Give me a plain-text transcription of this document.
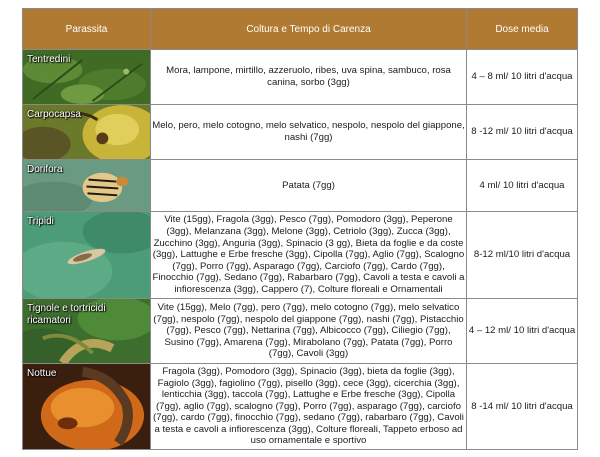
Parassita	Coltura e Tempo di Carenza	Dose media

Tentredini	Mora, lampone, mirtillo, azzeruolo, ribes, uva spina, sambuco, rosa canina, sorbo (3gg)	4 – 8 ml/ 10 litri d'acqua

Carpocapsa	Melo, pero, melo cotogno, melo selvatico, nespolo, nespolo del giappone, nashi (7gg)	8 -12 ml/ 10 litri d'acqua

Dorifora	Patata (7gg)	4 ml/ 10 litri d'acqua

Tripidi	Vite (15gg), Fragola (3gg), Pesco (7gg), Pomodoro (3gg), Peperone (3gg), Melanzana (3gg), Melone (3gg), Cetriolo (3gg), Zucca (3gg), Zucchino (3gg), Anguria (3gg), Spinacio (3 gg), Bieta da foglie e da coste (3gg), Lattughe e Erbe fresche (3gg), Cipolla (7gg), Aglio (7gg), Scalogno (7gg), Porro (7gg), Asparago (7gg), Carciofo (7gg), Cardo (7gg), Finocchio (7gg), Sedano (7gg), Rabarbaro (7gg), Cavoli a testa e cavoli a infiorescenza (3gg), Cappero (7), Colture floreali e Ornamentali	8-12 ml/10 litri d'acqua

Tignole e tortricidi ricamatori	Vite (15gg), Melo (7gg), pero (7gg), melo cotogno (7gg), melo selvatico (7gg), nespolo (7gg), nespolo del giappone (7gg), nashi (7gg), Pistacchio (7gg), Pesco (7gg), Nettarina (7gg), Albicocco (7gg), Ciliegio (7gg), Susino (7gg), Amarena (7gg), Mirabolano (7gg), Patata (7gg), Porro (7gg), Cavoli (3gg)	4 – 12 ml/ 10 litri d'acqua

Nottue	Fragola (3gg), Pomodoro (3gg), Spinacio (3gg), bieta da foglie (3gg), Fagiolo (3gg), fagiolino (7gg), pisello (3gg), cece (3gg), cicerchia (3gg), lenticchia (3gg), taccola (7gg), Lattughe e Erbe fresche (3gg), Cipolla (7gg), aglio (7gg), scalogno (7gg), Porro (7gg), asparago (7gg), carciofo (7gg), cardo (7gg), finocchio (7gg), sedano (7gg), rabarbaro (7gg), Cavoli a testa e cavoli a infiorescenza (3gg), Colture floreali, Tappeto erboso ad uso ornamentale e sportivo	8 -14 ml/ 10 litri d'acqua
